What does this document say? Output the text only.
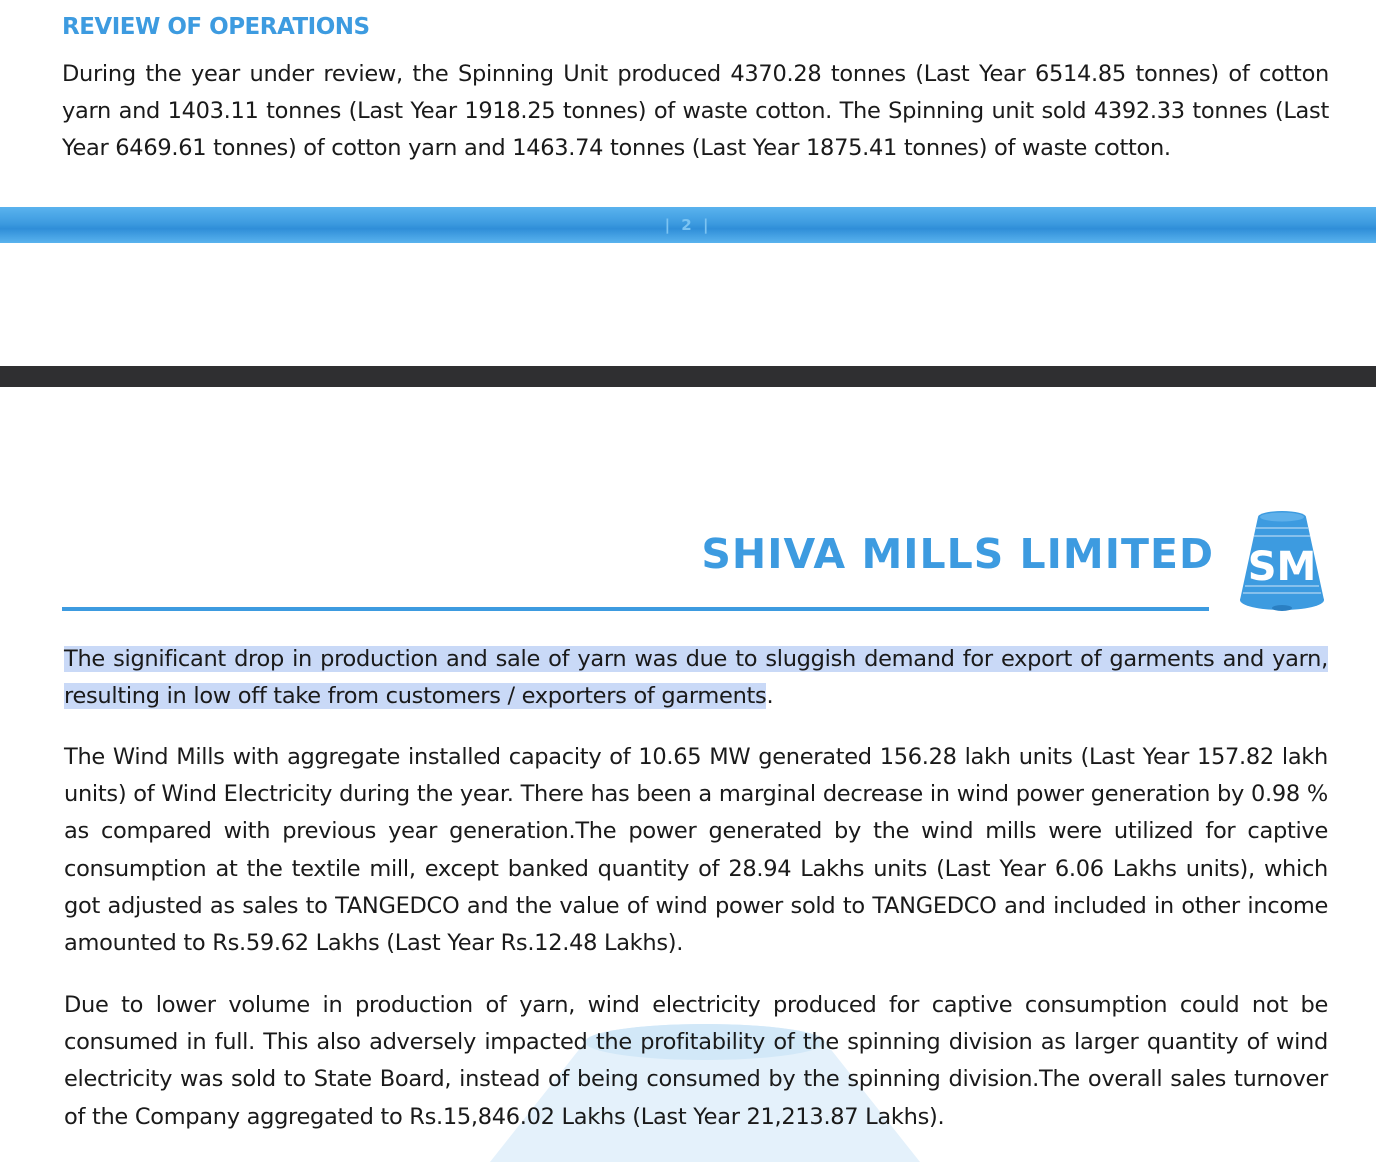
REVIEW OF OPERATIONS

During the year under review, the Spinning Unit produced 4370.28 tonnes (Last Year 6514.85 tonnes) of cotton yarn and 1403.11 tonnes (Last Year 1918.25 tonnes) of waste cotton. The Spinning unit sold 4392.33 tonnes (Last Year 6469.61 tonnes) of cotton yarn and 1463.74 tonnes (Last Year 1875.41 tonnes) of waste cotton.

| 2 |
SHIVA MILLS LIMITED SM

The significant drop in production and sale of yarn was due to sluggish demand for export of garments and yarn, resulting in low off take from customers / exporters of garments.

The Wind Mills with aggregate installed capacity of 10.65 MW generated 156.28 lakh units (Last Year 157.82 lakh units) of Wind Electricity during the year. There has been a marginal decrease in wind power generation by 0.98 % as compared with previous year generation.The power generated by the wind mills were utilized for captive consumption at the textile mill, except banked quantity of 28.94 Lakhs units (Last Year 6.06 Lakhs units), which got adjusted as sales to TANGEDCO and the value of wind power sold to TANGEDCO and included in other income amounted to Rs.59.62 Lakhs (Last Year Rs.12.48 Lakhs).

Due to lower volume in production of yarn, wind electricity produced for captive consumption could not be consumed in full. This also adversely impacted the profitability of the spinning division as larger quantity of wind electricity was sold to State Board, instead of being consumed by the spinning division.The overall sales turnover of the Company aggregated to Rs.15,846.02 Lakhs (Last Year 21,213.87 Lakhs).
